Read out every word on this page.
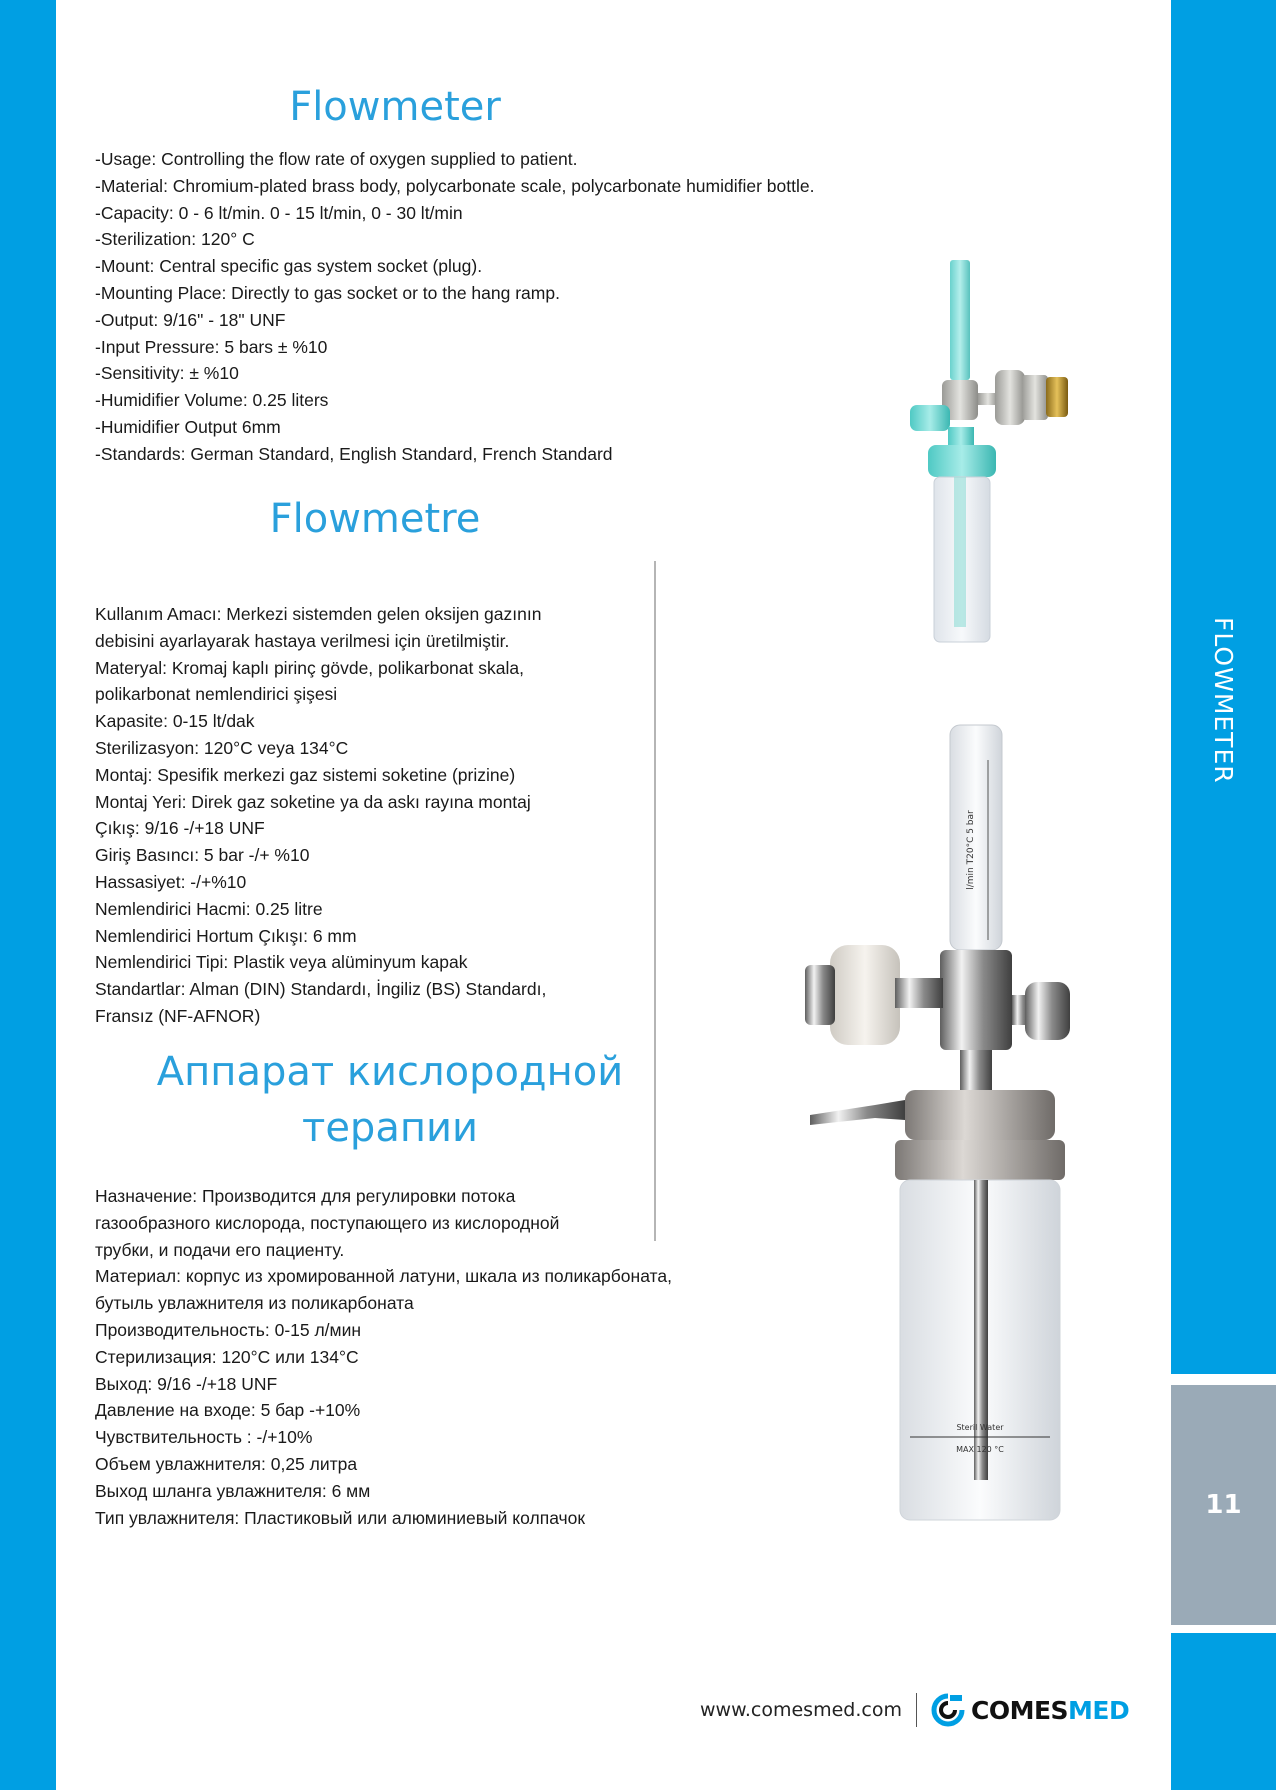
FLOWMETER
11
Flowmeter
-Usage: Controlling the flow rate of oxygen supplied to patient.
-Material: Chromium-plated brass body, polycarbonate scale, polycarbonate humidifier bottle.
-Capacity: 0 - 6 lt/min. 0 - 15 lt/min, 0 - 30 lt/min
-Sterilization: 120° C
-Mount: Central specific gas system socket (plug).
-Mounting Place: Directly to gas socket or to the hang ramp.
-Output: 9/16" - 18" UNF
-Input Pressure: 5 bars ± %10
-Sensitivity: ± %10
-Humidifier Volume: 0.25 liters
-Humidifier Output 6mm
-Standards: German Standard, English Standard, French Standard
Flowmetre
Kullanım Amacı: Merkezi sistemden gelen oksijen gazının
debisini ayarlayarak hastaya verilmesi için üretilmiştir.
Materyal: Kromaj kaplı pirinç gövde, polikarbonat skala,
polikarbonat nemlendirici şişesi
Kapasite: 0-15 lt/dak
Sterilizasyon: 120°C veya 134°C
Montaj: Spesifik merkezi gaz sistemi soketine (prizine)
Montaj Yeri: Direk gaz soketine ya da askı rayına montaj
Çıkış: 9/16 -/+18 UNF
Giriş Basıncı: 5 bar -/+ %10
Hassasiyet: -/+%10
Nemlendirici Hacmi: 0.25 litre
Nemlendirici Hortum Çıkışı: 6 mm
Nemlendirici Tipi: Plastik veya alüminyum kapak
Standartlar: Alman (DIN) Standardı, İngiliz (BS) Standardı,
Fransız (NF-AFNOR)
Аппарат кислородной
терапии
Назначение: Производится для регулировки потока
газообразного кислорода, поступающего из кислородной
трубки, и подачи его пациенту.
Материал: корпус из хромированной латуни, шкала из поликарбоната,
бутыль увлажнителя из поликарбоната
Производительность: 0-15 л/мин
Стерилизация: 120°C или 134°C
Выход: 9/16 -/+18 UNF
Давление на входе: 5 бар -+10%
Чувствительность : -/+10%
Объем увлажнителя: 0,25 литра
Выход шланга увлажнителя: 6 мм
Тип увлажнителя: Пластиковый или алюминиевый колпачок
l/min T20°C 5 bar
Steril Water
MAX 120 °C
www.comesmed.com	COMES MED
